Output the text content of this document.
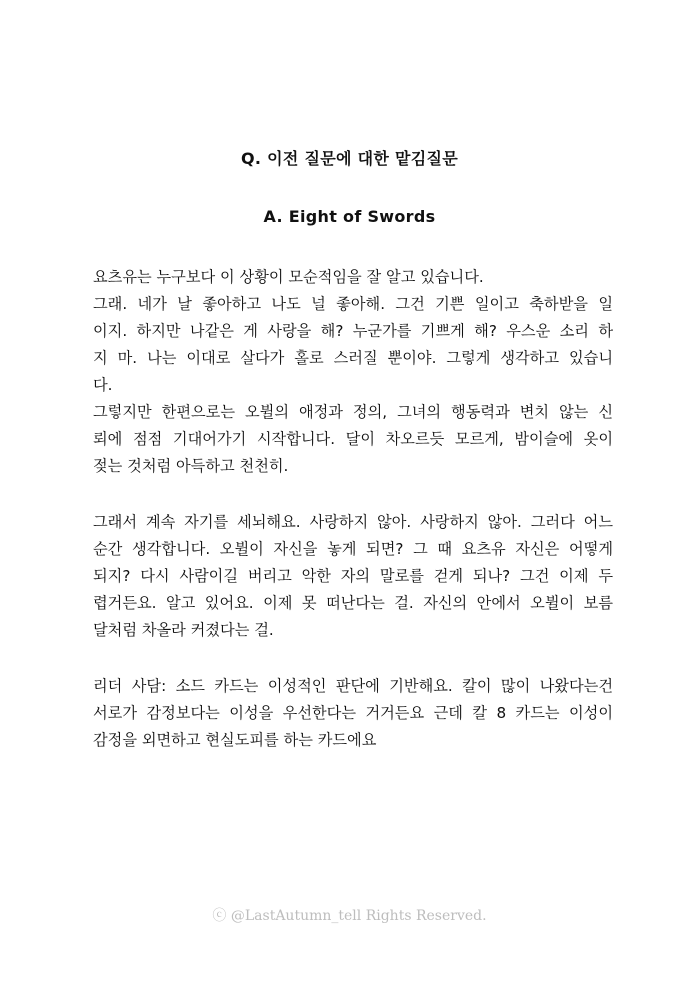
Q. 이전 질문에 대한 맡김질문
A. Eight of Swords
요츠유는 누구보다 이 상황이 모순적임을 잘 알고 있습니다.
그래. 네가 날 좋아하고 나도 널 좋아해. 그건 기쁜 일이고 축하받을 일
이지. 하지만 나같은 게 사랑을 해? 누군가를 기쁘게 해? 우스운 소리 하
지 마. 나는 이대로 살다가 홀로 스러질 뿐이야. 그렇게 생각하고 있습니
다.
그렇지만 한편으로는 오뷜의 애정과 정의, 그녀의 행동력과 변치 않는 신
뢰에 점점 기대어가기 시작합니다. 달이 차오르듯 모르게, 밤이슬에 옷이
젖는 것처럼 아득하고 천천히.
그래서 계속 자기를 세뇌해요. 사랑하지 않아. 사랑하지 않아. 그러다 어느
순간 생각합니다. 오뷜이 자신을 놓게 되면? 그 때 요츠유 자신은 어떻게
되지? 다시 사람이길 버리고 악한 자의 말로를 걷게 되나? 그건 이제 두
렵거든요. 알고 있어요. 이제 못 떠난다는 걸. 자신의 안에서 오뷜이 보름
달처럼 차올라 커졌다는 걸.
리더 사담: 소드 카드는 이성적인 판단에 기반해요. 칼이 많이 나왔다는건
서로가 감정보다는 이성을 우선한다는 거거든요 근데 칼 8 카드는 이성이
감정을 외면하고 현실도피를 하는 카드에요
ⓒ @LastAutumn_tell Rights Reserved.
